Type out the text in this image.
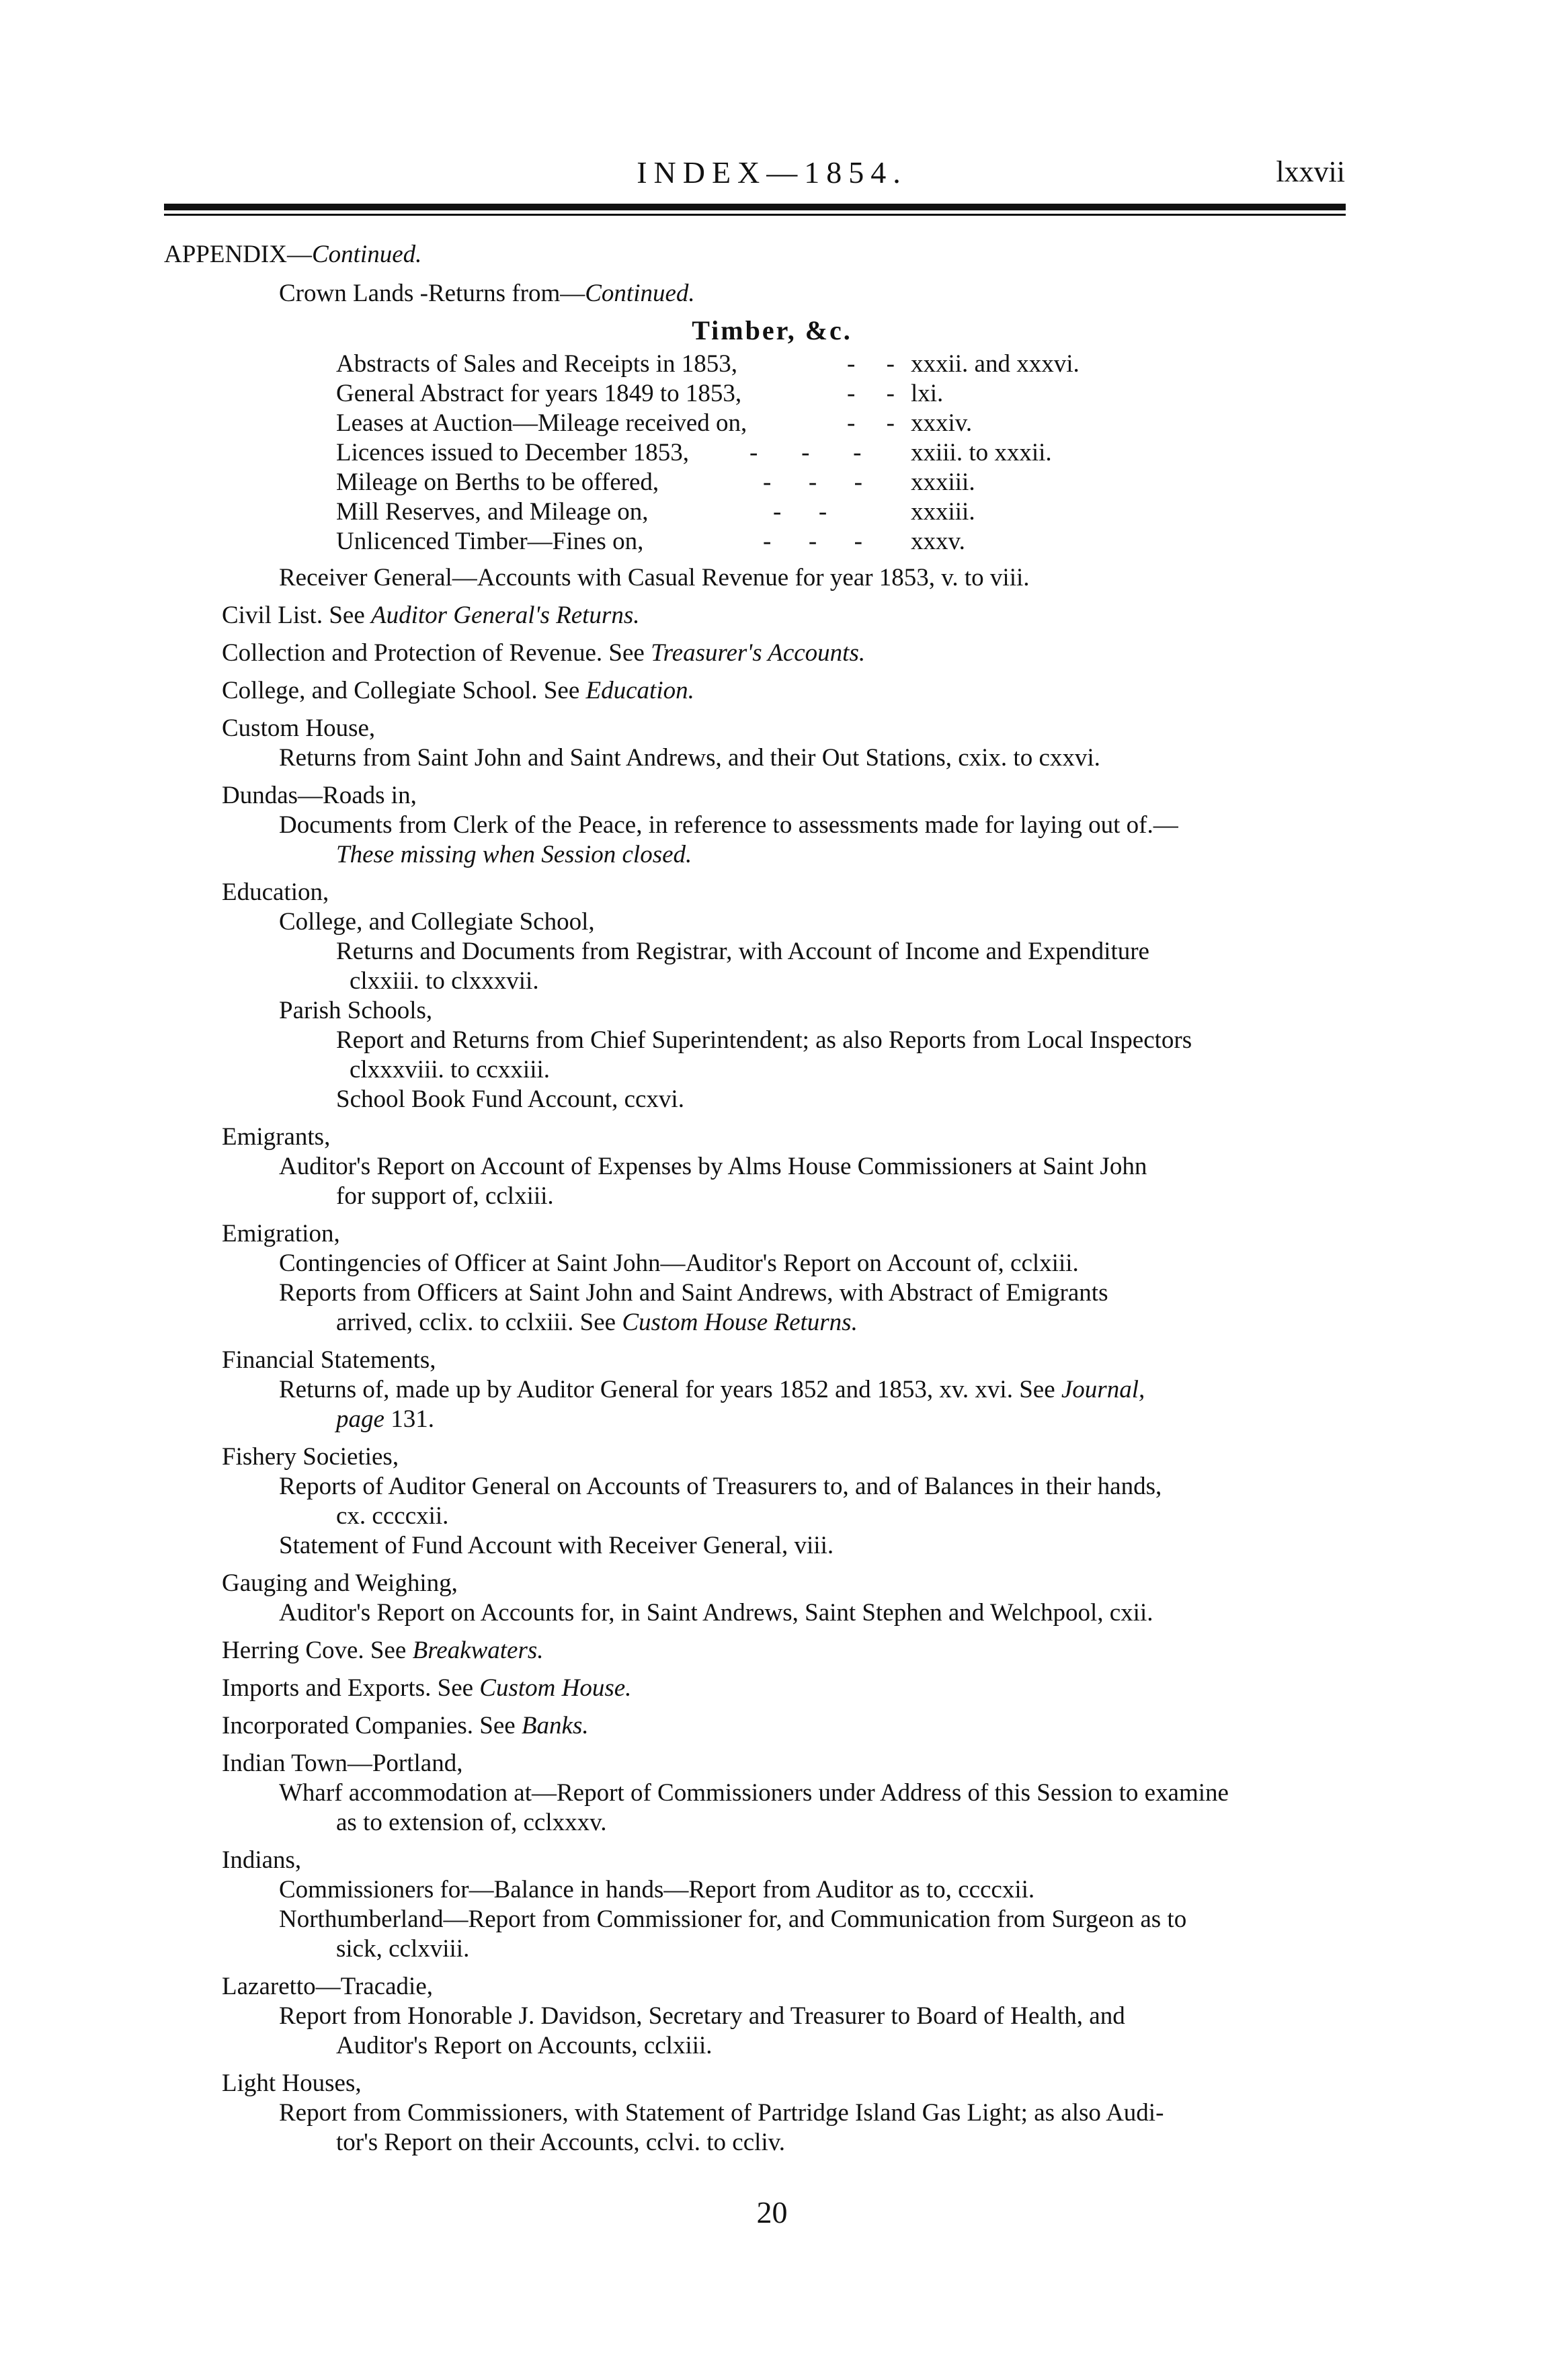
INDEX—1854.	lxxvii
APPENDIX—Continued.
Crown Lands -Returns from—Continued.
Timber, &c.
Abstracts of Sales and Receipts in 1853,	-     - xxxii. and xxxvi.
General Abstract for years 1849 to 1853,	-     - lxi.
Leases at Auction—Mileage received on,	-     - xxxiv.
Licences issued to December 1853, -       -       - xxiii. to xxxii.
Mileage on Berths to be offered,	-      -      - xxxiii.
Mill Reserves, and Mileage on,	-      -	xxxiii.
Unlicenced Timber—Fines on,	-      -      - xxxv.
Receiver General—Accounts with Casual Revenue for year 1853, v. to viii.
Civil List. See Auditor General's Returns.
Collection and Protection of Revenue. See Treasurer's Accounts.
College, and Collegiate School. See Education.
Custom House,
Returns from Saint John and Saint Andrews, and their Out Stations, cxix. to cxxvi.
Dundas—Roads in,
Documents from Clerk of the Peace, in reference to assessments made for laying out of.—
These missing when Session closed.
Education,
College, and Collegiate School,
Returns and Documents from Registrar, with Account of Income and Expenditure
clxxiii. to clxxxvii.
Parish Schools,
Report and Returns from Chief Superintendent; as also Reports from Local Inspectors
clxxxviii. to ccxxiii.
School Book Fund Account, ccxvi.
Emigrants,
Auditor's Report on Account of Expenses by Alms House Commissioners at Saint John
for support of, cclxiii.
Emigration,
Contingencies of Officer at Saint John—Auditor's Report on Account of, cclxiii.
Reports from Officers at Saint John and Saint Andrews, with Abstract of Emigrants
arrived, cclix. to cclxiii. See Custom House Returns.
Financial Statements,
Returns of, made up by Auditor General for years 1852 and 1853, xv. xvi. See Journal,
page 131.
Fishery Societies,
Reports of Auditor General on Accounts of Treasurers to, and of Balances in their hands,
cx. ccccxii.
Statement of Fund Account with Receiver General, viii.
Gauging and Weighing,
Auditor's Report on Accounts for, in Saint Andrews, Saint Stephen and Welchpool, cxii.
Herring Cove. See Breakwaters.
Imports and Exports. See Custom House.
Incorporated Companies. See Banks.
Indian Town—Portland,
Wharf accommodation at—Report of Commissioners under Address of this Session to examine
as to extension of, cclxxxv.
Indians,
Commissioners for—Balance in hands—Report from Auditor as to, ccccxii.
Northumberland—Report from Commissioner for, and Communication from Surgeon as to
sick, cclxviii.
Lazaretto—Tracadie,
Report from Honorable J. Davidson, Secretary and Treasurer to Board of Health, and
Auditor's Report on Accounts, cclxiii.
Light Houses,
Report from Commissioners, with Statement of Partridge Island Gas Light; as also Audi-
tor's Report on their Accounts, cclvi. to ccliv.
20
